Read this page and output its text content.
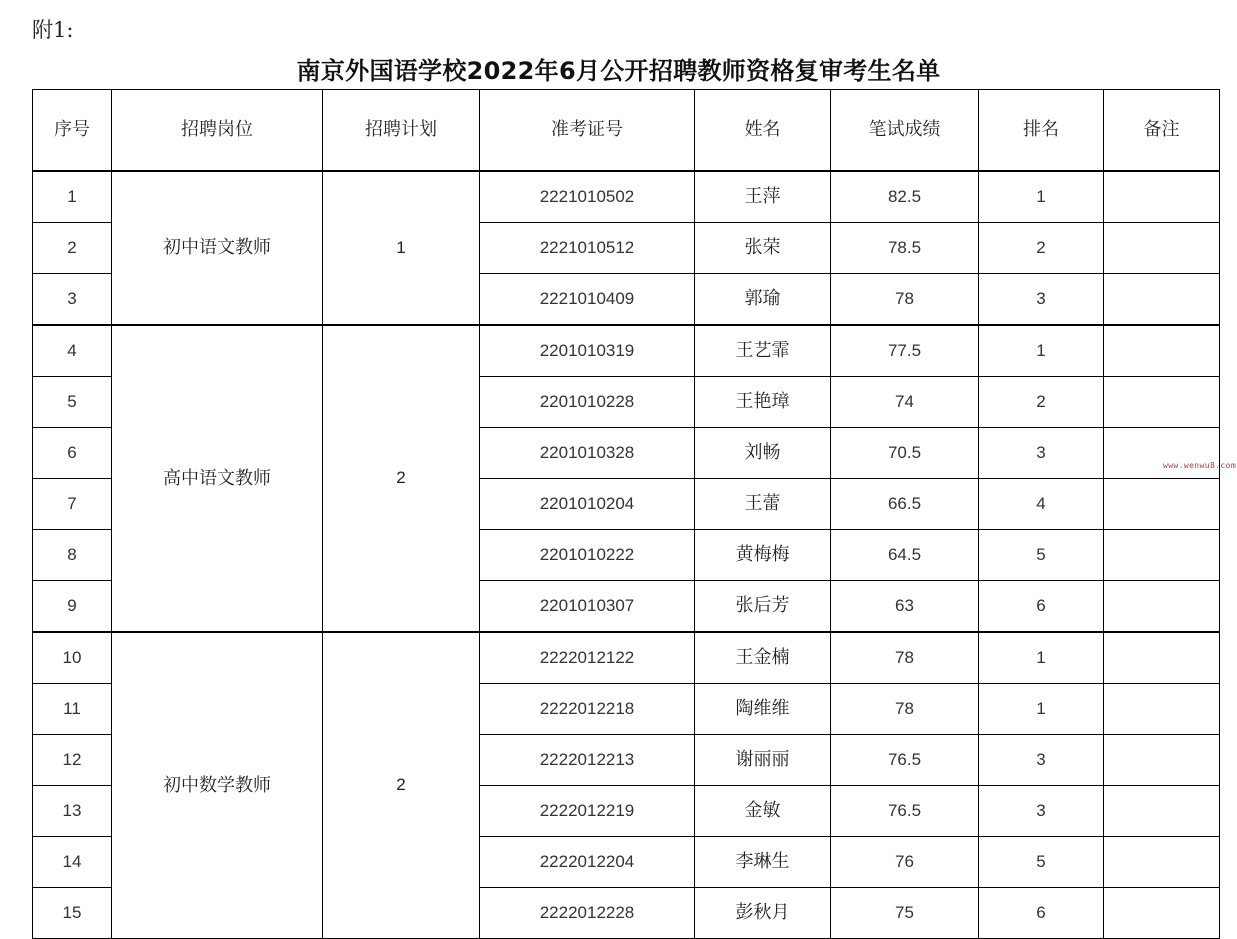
附1:
南京外国语学校2022年6月公开招聘教师资格复审考生名单
序号	招聘岗位	招聘计划	准考证号	姓名	笔试成绩	排名	备注
1	初中语文教师	1	2221010502	王萍	82.5	1	
2			2221010512	张荣	78.5	2	
3			2221010409	郭瑜	78	3	
4	高中语文教师	2	2201010319	王艺霏	77.5	1	
5			2201010228	王艳璋	74	2	
6			2201010328	刘畅	70.5	3	
7			2201010204	王蕾	66.5	4	
8			2201010222	黄梅梅	64.5	5	
9			2201010307	张后芳	63	6	
10	初中数学教师	2	2222012122	王金楠	78	1	
11			2222012218	陶维维	78	1	
12			2222012213	谢丽丽	76.5	3	
13			2222012219	金敏	76.5	3	
14			2222012204	李琳生	76	5	
15			2222012228	彭秋月	75	6	
www.wenwu8.com
